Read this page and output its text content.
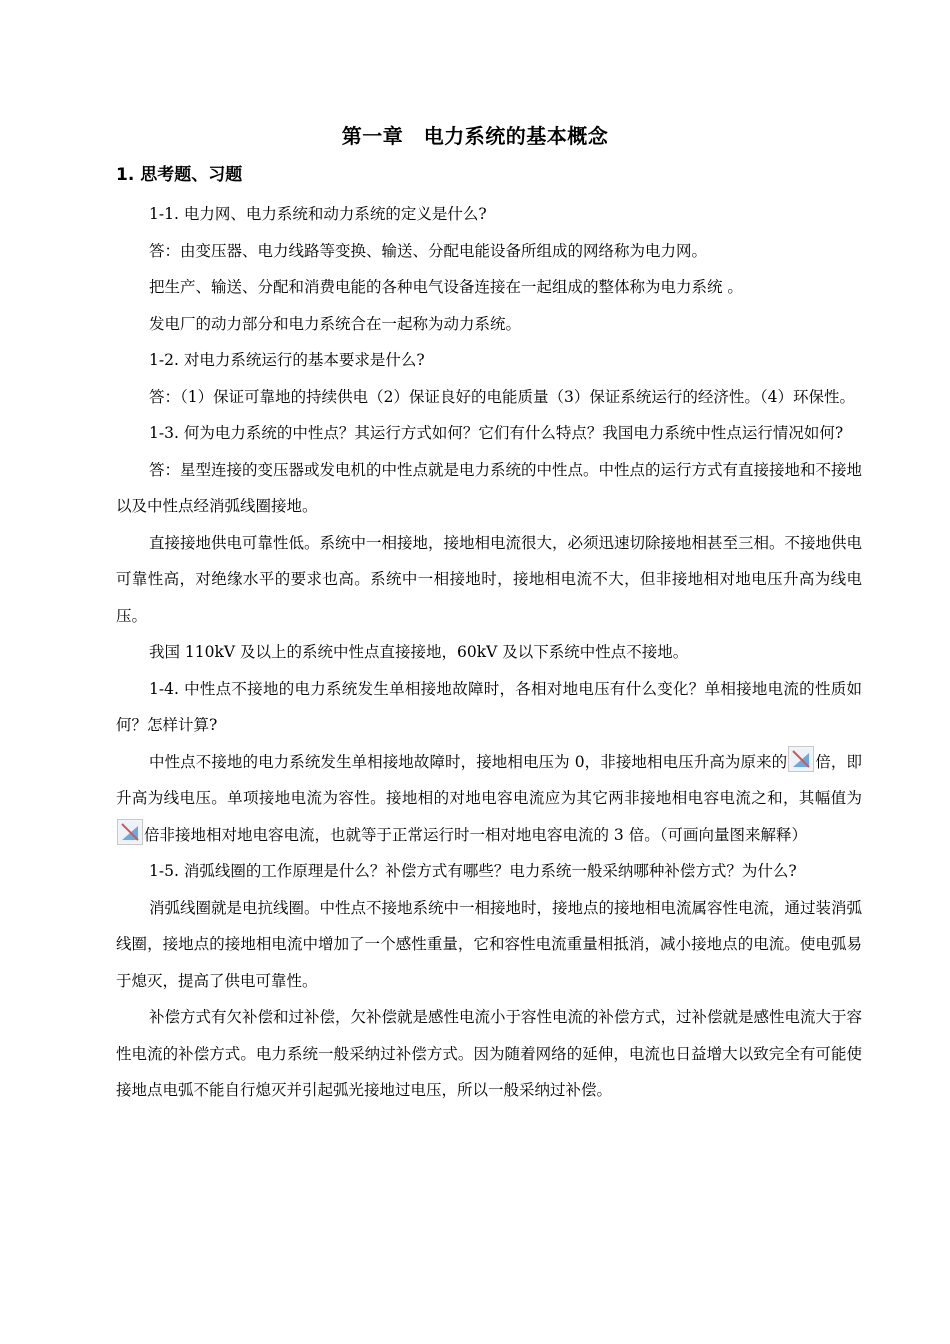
第一章　电力系统的基本概念
1. 思考题、习题

1-1. 电力网、电力系统和动力系统的定义是什么?

答：由变压器、电力线路等变换、输送、分配电能设备所组成的网络称为电力网。

把生产、输送、分配和消费电能的各种电气设备连接在一起组成的整体称为电力系统 。

发电厂的动力部分和电力系统合在一起称为动力系统。

1-2. 对电力系统运行的基本要求是什么?

答：（1）保证可靠地的持续供电（2）保证良好的电能质量（3）保证系统运行的经济性。（4）环保性。

1-3. 何为电力系统的中性点？其运行方式如何？它们有什么特点？我国电力系统中性点运行情况如何?

答：星型连接的变压器或发电机的中性点就是电力系统的中性点。中性点的运行方式有直接接地和不接地以及中性点经消弧线圈接地。

直接接地供电可靠性低。系统中一相接地，接地相电流很大，必须迅速切除接地相甚至三相。不接地供电可靠性高，对绝缘水平的要求也高。系统中一相接地时，接地相电流不大，但非接地相对地电压升高为线电压。

我国 110kV 及以上的系统中性点直接接地，60kV 及以下系统中性点不接地。

1-4. 中性点不接地的电力系统发生单相接地故障时，各相对地电压有什么变化？单相接地电流的性质如何？怎样计算?

中性点不接地的电力系统发生单相接地故障时，接地相电压为 0，非接地相电压升高为原来的 倍，即升高为线电压。单项接地电流为容性。接地相的对地电容电流应为其它两非接地相电容电流之和，其幅值为
倍非接地相对地电容电流，也就等于正常运行时一相对地电容电流的 3 倍。（可画向量图来解释）

1-5. 消弧线圈的工作原理是什么？补偿方式有哪些？电力系统一般采纳哪种补偿方式？为什么?

消弧线圈就是电抗线圈。中性点不接地系统中一相接地时，接地点的接地相电流属容性电流，通过装消弧线圈，接地点的接地相电流中增加了一个感性重量，它和容性电流重量相抵消，减小接地点的电流。使电弧易于熄灭，提高了供电可靠性。

补偿方式有欠补偿和过补偿，欠补偿就是感性电流小于容性电流的补偿方式，过补偿就是感性电流大于容性电流的补偿方式。电力系统一般采纳过补偿方式。因为随着网络的延伸，电流也日益增大以致完全有可能使接地点电弧不能自行熄灭并引起弧光接地过电压，所以一般采纳过补偿。
